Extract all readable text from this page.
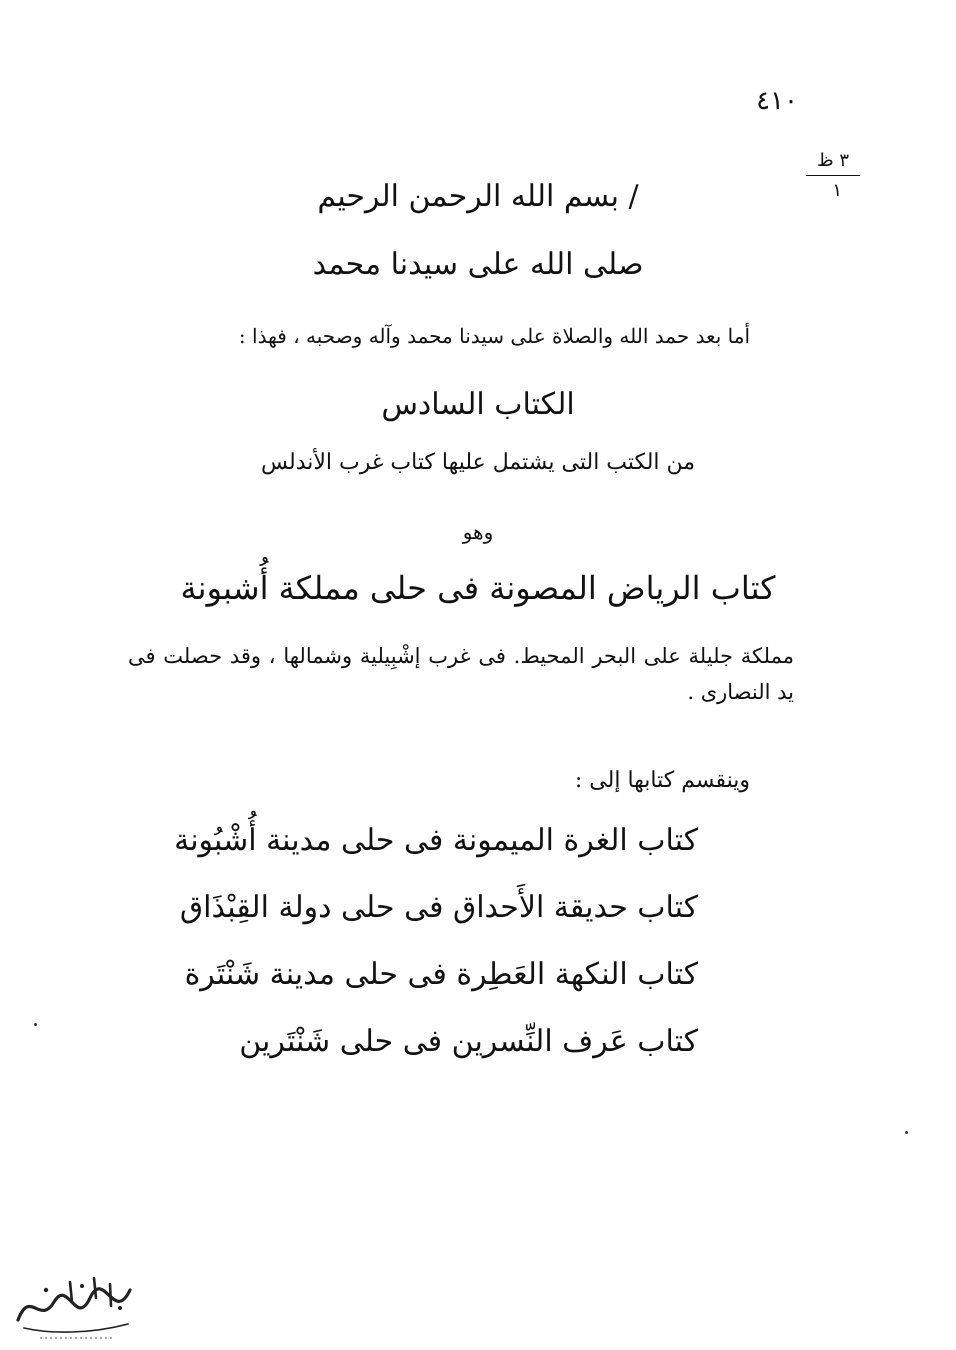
٤١٠
٣ ظ
١
/ بسم الله الرحمن الرحيم
صلى الله على سيدنا محمد
أما بعد حمد الله والصلاة على سيدنا محمد وآله وصحبه ، فهذا :
الكتاب السادس
من الكتب التى يشتمل عليها كتاب غرب الأندلس
وهو
كتاب الرياض المصونة فى حلى مملكة أُشبونة
مملكة جليلة على البحر المحيط. فى غرب إشْبِيلية وشمالها ، وقد حصلت فى يد النصارى .
وينقسم كتابها إلى :
كتاب الغرة الميمونة فى حلى مدينة أُشْبُونة
كتاب حديقة الأَحداق فى حلى دولة القِبْذَاق
كتاب النكهة العَطِرة فى حلى مدينة شَنْتَرة
كتاب عَرف النِّسرين فى حلى شَنْتَرين
